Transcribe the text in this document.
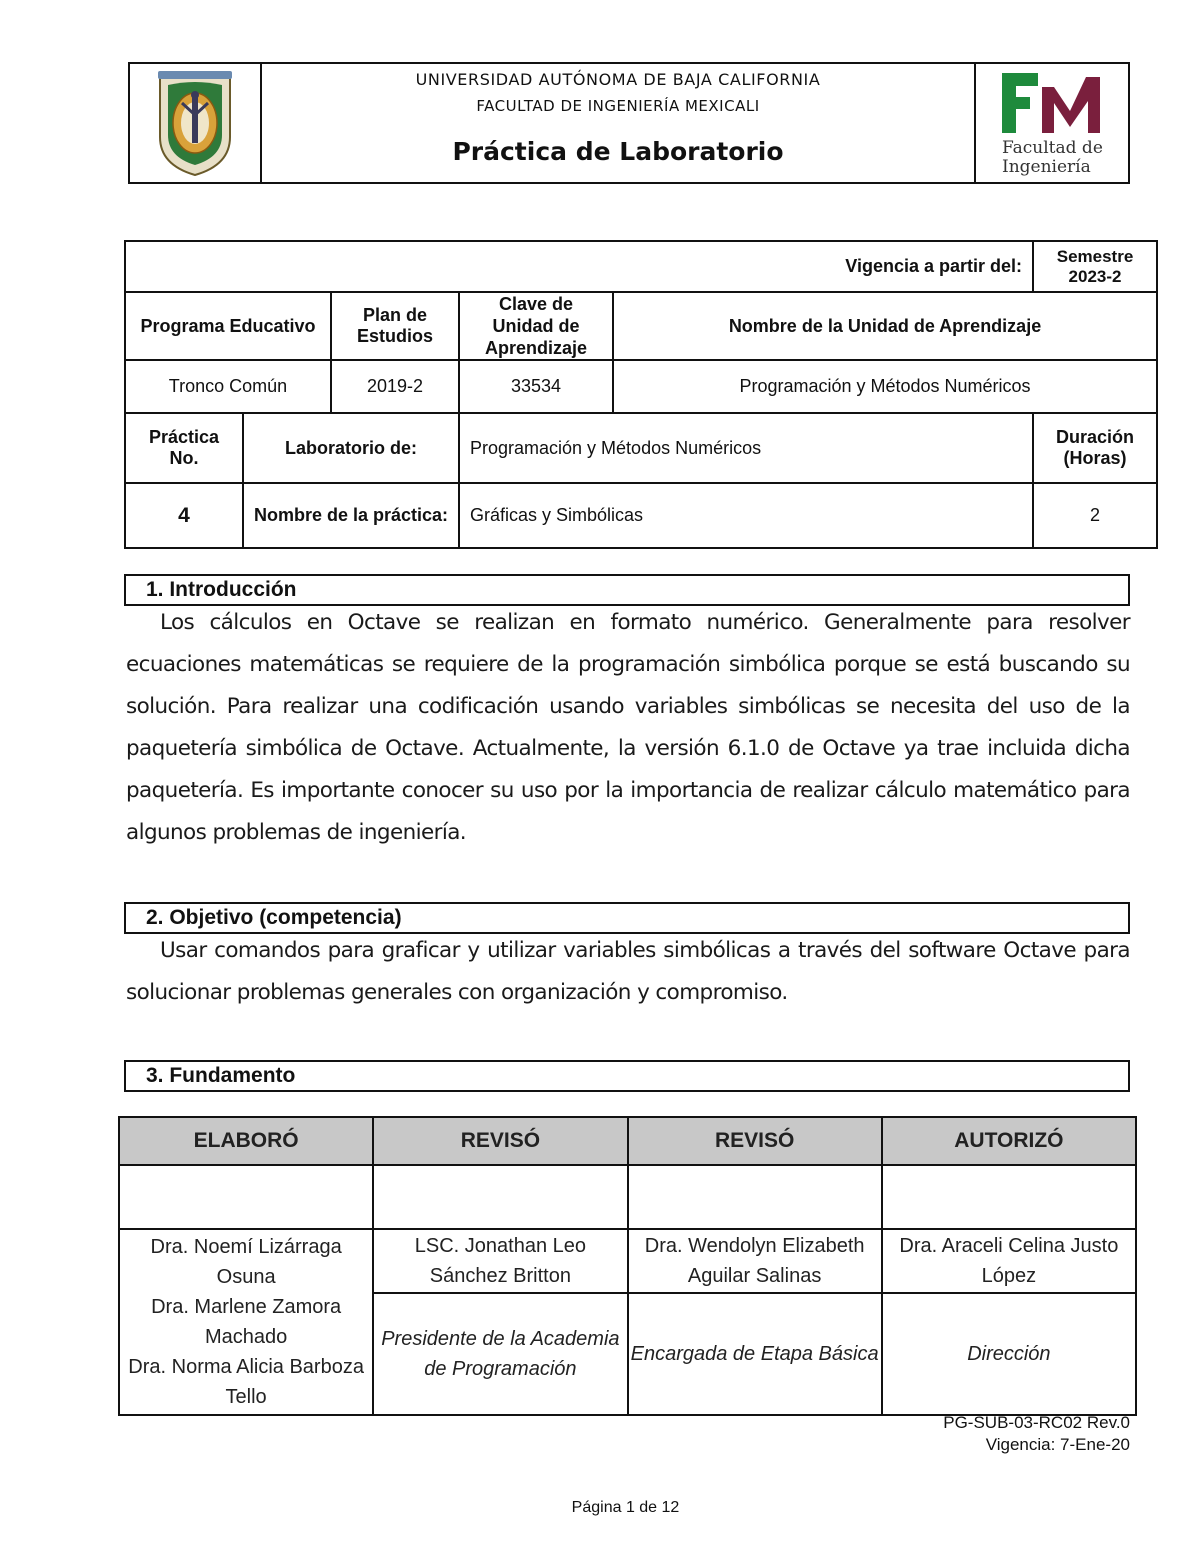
UNIVERSIDAD AUTÓNOMA DE BAJA CALIFORNIA
FACULTAD DE INGENIERÍA MEXICALI
Práctica de Laboratorio	Facultad de
Ingeniería
Vigencia a partir del:					Semestre 2023-2
Programa Educativo		Plan de Estudios	Clave de Unidad de Aprendizaje	Nombre de la Unidad de Aprendizaje	
Tronco Común		2019-2	33534	Programación y Métodos Numéricos	
Práctica No.	Laboratorio de:		Programación y Métodos Numéricos		Duración (Horas)
4	Nombre de la práctica:		Gráficas y Simbólicas		2
1. Introducción
Los cálculos en Octave se realizan en formato numérico. Generalmente para resolver ecuaciones matemáticas se requiere de la programación simbólica porque se está buscando su solución. Para realizar una codificación usando variables simbólicas se necesita del uso de la paquetería simbólica de Octave. Actualmente, la versión 6.1.0 de Octave ya trae incluida dicha paquetería. Es importante conocer su uso por la importancia de realizar cálculo matemático para algunos problemas de ingeniería.
2. Objetivo (competencia)
Usar comandos para graficar y utilizar variables simbólicas a través del software Octave para solucionar problemas generales con organización y compromiso.
3. Fundamento
ELABORÓ	REVISÓ	REVISÓ	AUTORIZÓ

Dra. Noemí Lizárraga Osuna
Dra. Marlene Zamora Machado
Dra. Norma Alicia Barboza Tello	LSC. Jonathan Leo Sánchez Britton	Dra. Wendolyn Elizabeth Aguilar Salinas	Dra. Araceli Celina Justo López
	Presidente de la Academia de Programación	Encargada de Etapa Básica	Dirección
PG-SUB-03-RC02 Rev.0
Vigencia: 7-Ene-20
Página 1 de 12
